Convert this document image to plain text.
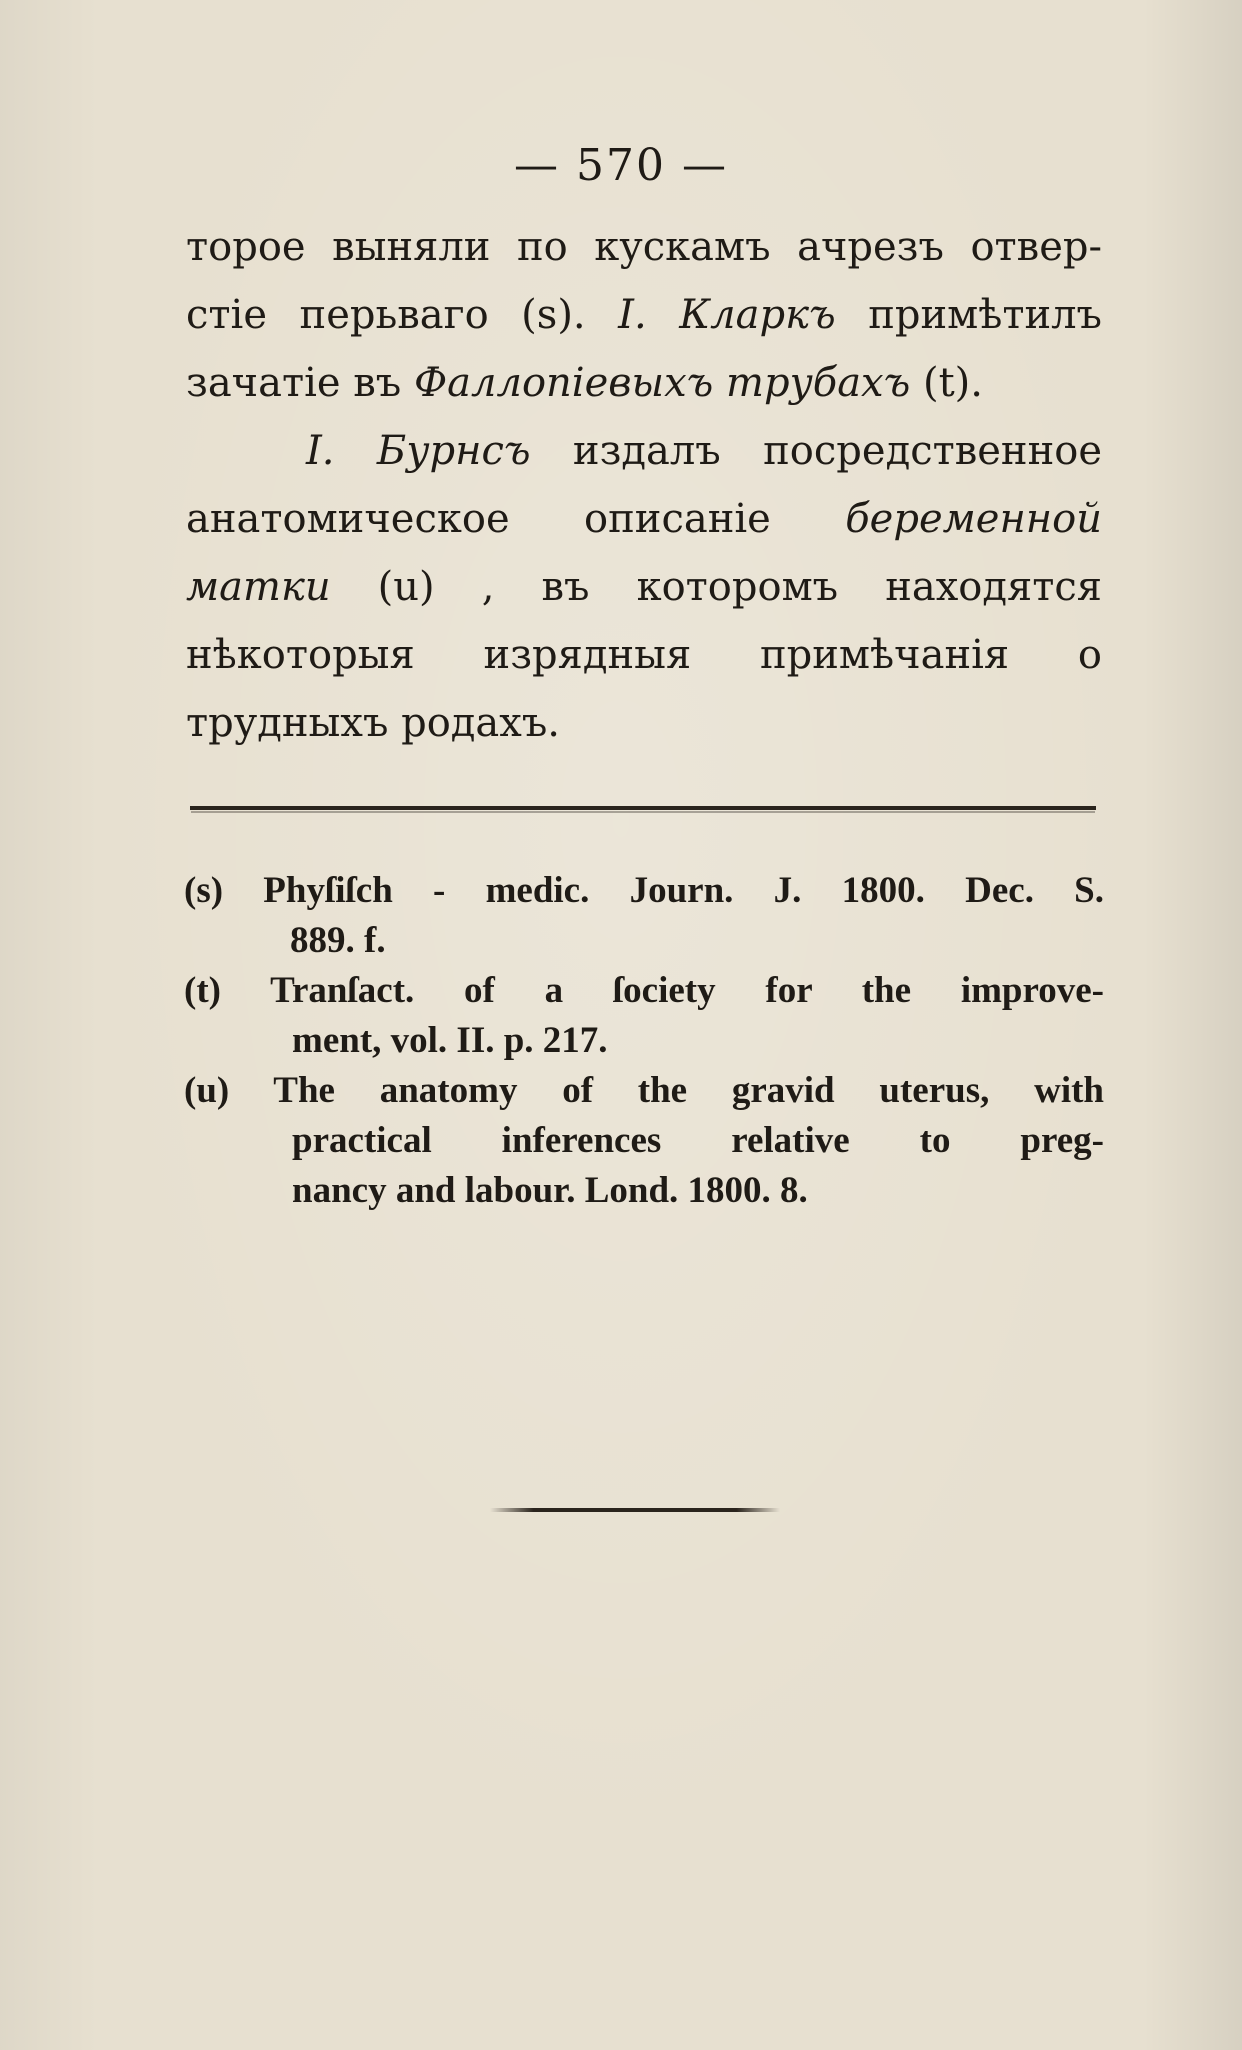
— 570 —
торое выняли по кускамъ ачрезъ отвер-
стіе перьваго (s). I. Кларкъ примѣтилъ
зачатіе въ Фаллопіевыхъ трубахъ (t).
I. Бурнсъ издалъ посредственное
анатомическое описаніе беременной
матки (u) , въ которомъ находятся
нѣкоторыя изрядныя примѣчанія о
трудныхъ родахъ.
(s) Phyſiſch - medic. Journ. J. 1800. Dec. S.
889. f.
(t) Tranſact. of a ſociety for the improve-
ment, vol. II. p. 217.
(u) The anatomy of the gravid uterus, with
practical inferences relative to preg-
nancy and labour. Lond. 1800. 8.
